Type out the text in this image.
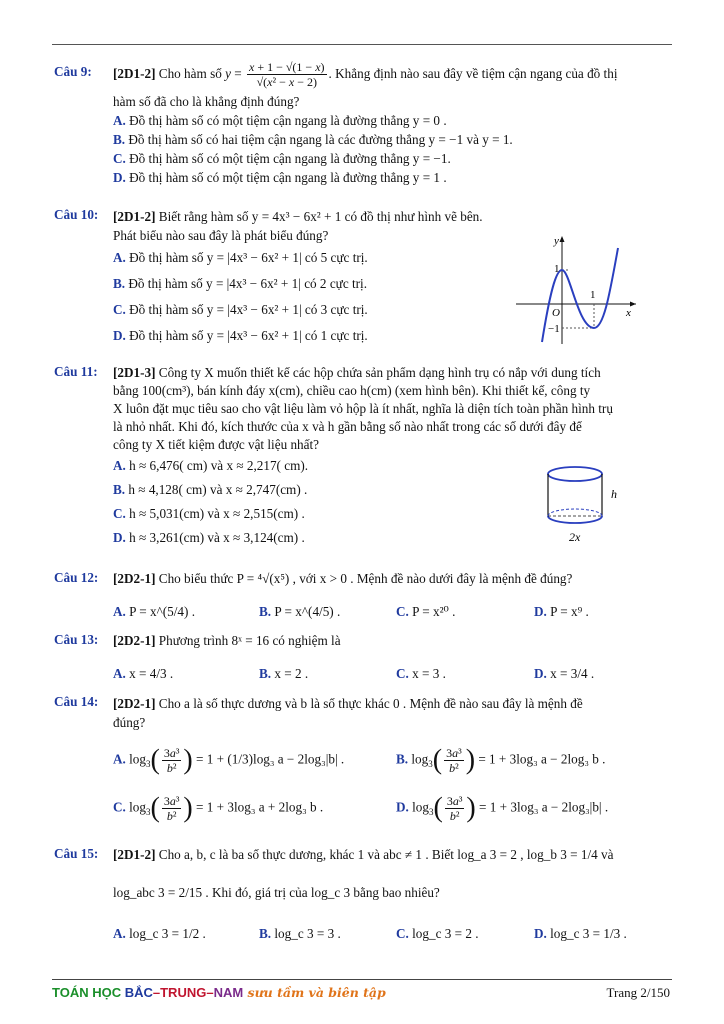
Câu 9: [2D1-2] Cho hàm số $y = \frac{x + 1 - √(1 - x)}{\text{√(x² − x − 2)}}$ . Khẳng định nào sau đây về tiệm cận ngang của đồ thị
hàm số đã cho là khẳng định đúng?
A. Đồ thị hàm số có một tiệm cận ngang là đường thẳng y = 0 .
B. Đồ thị hàm số có hai tiệm cận ngang là các đường thẳng y = −1 và y = 1.
C. Đồ thị hàm số có một tiệm cận ngang là đường thẳng y = −1.
D. Đồ thị hàm số có một tiệm cận ngang là đường thẳng y = 1 .
Câu 10: [2D1-2] Biết rằng hàm số y = 4x³ − 6x² + 1 có đồ thị như hình vẽ bên.
Phát biểu nào sau đây là phát biểu đúng?
A. Đồ thị hàm số y = |4x³ − 6x² + 1| có 5 cực trị.
B. Đồ thị hàm số y = |4x³ − 6x² + 1| có 2 cực trị.
C. Đồ thị hàm số y = |4x³ − 6x² + 1| có 3 cực trị.
D. Đồ thị hàm số y = |4x³ − 6x² + 1| có 1 cực trị.
y
x
O
1
1
−1
Câu 11: [2D1-3] Công ty X muốn thiết kế các hộp chứa sản phẩm dạng hình trụ có nắp với dung tích
bằng 100(cm³), bán kính đáy x(cm), chiều cao h(cm) (xem hình bên). Khi thiết kế, công ty
X luôn đặt mục tiêu sao cho vật liệu làm vỏ hộp là ít nhất, nghĩa là diện tích toàn phần hình trụ
là nhỏ nhất. Khi đó, kích thước của x và h gần bằng số nào nhất trong các số dưới đây để
công ty X tiết kiệm được vật liệu nhất?
A. h ≈ 6,476( cm) và x ≈ 2,217( cm).
B. h ≈ 4,128( cm) và x ≈ 2,747(cm) .
C. h ≈ 5,031(cm) và x ≈ 2,515(cm) .
D. h ≈ 3,261(cm) và x ≈ 3,124(cm) .
h
2x
Câu 12: [2D2-1] Cho biểu thức P = ⁴√(x⁵) , với x > 0 . Mệnh đề nào dưới đây là mệnh đề đúng?
A. P = x^(5/4) .	B. P = x^(4/5) .	C. P = x²⁰ .	D. P = x⁹ .
Câu 13: [2D2-1] Phương trình 8ˣ = 16 có nghiệm là
A. x = 4/3 .	B. x = 2 .	C. x = 3 .	D. x = 3/4 .
Câu 14: [2D2-1] Cho a là số thực dương và b là số thực khác 0 . Mệnh đề nào sau đây là mệnh đề
đúng?
A. $\log_3( \frac{\text{3a³}}{\text{b²}}$ ) = 1 + (1/3)log₃ a − 2log₃|b| .	B. $\log_3( \frac{\text{3a³}}{\text{b²}}$ ) = 1 + 3log₃ a − 2log₃ b .
C. $\log_3( \frac{\text{3a³}}{\text{b²}}$ ) = 1 + 3log₃ a + 2log₃ b .	D. $\log_3( \frac{\text{3a³}}{\text{b²}}$ ) = 1 + 3log₃ a − 2log₃|b| .
Câu 15: [2D1-2] Cho a, b, c là ba số thực dương, khác 1 và abc ≠ 1 . Biết log_a 3 = 2 , log_b 3 = 1/4 và
log_abc 3 = 2/15 . Khi đó, giá trị của log_c 3 bằng bao nhiêu?
A. log_c 3 = 1/2 .	B. log_c 3 = 3 .	C. log_c 3 = 2 .	D. log_c 3 = 1/3 .
TOÁN HỌC BẮC–TRUNG–NAM sưu tầm và biên tập	Trang 2/150
